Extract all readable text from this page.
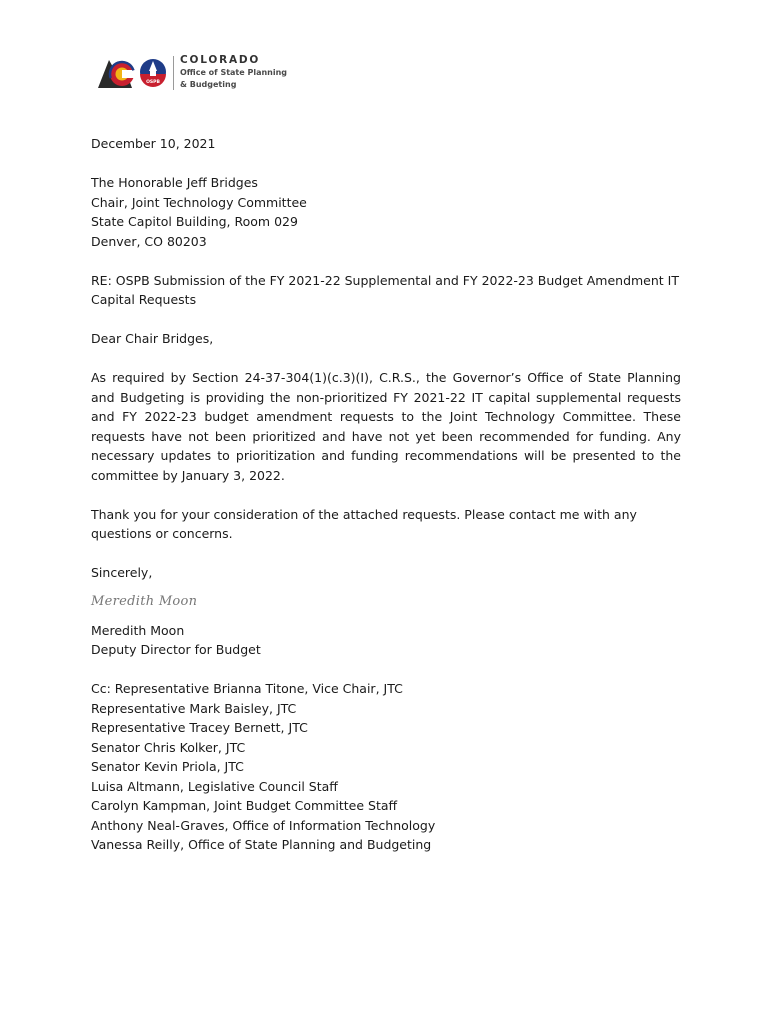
OSPB
COLORADO
Office of State Planning
& Budgeting

December 10, 2021

The Honorable Jeff Bridges

Chair, Joint Technology Committee

State Capitol Building, Room 029

Denver, CO 80203

RE: OSPB Submission of the FY 2021-22 Supplemental and FY 2022-23 Budget Amendment IT

Capital Requests

Dear Chair Bridges,

As required by Section 24-37-304(1)(c.3)(I), C.R.S., the Governor’s Office of State Planning and Budgeting is providing the non-prioritized FY 2021-22 IT capital supplemental requests and FY 2022-23 budget amendment requests to the Joint Technology Committee. These requests have not been prioritized and have not yet been recommended for funding. Any necessary updates to prioritization and funding recommendations will be presented to the committee by January 3, 2022.

Thank you for your consideration of the attached requests. Please contact me with any questions or concerns.

Sincerely,

Meredith Moon

Meredith Moon

Deputy Director for Budget

Cc: Representative Brianna Titone, Vice Chair, JTC

Representative Mark Baisley, JTC

Representative Tracey Bernett, JTC

Senator Chris Kolker, JTC

Senator Kevin Priola, JTC

Luisa Altmann, Legislative Council Staff

Carolyn Kampman, Joint Budget Committee Staff

Anthony Neal-Graves, Office of Information Technology

Vanessa Reilly, Office of State Planning and Budgeting
